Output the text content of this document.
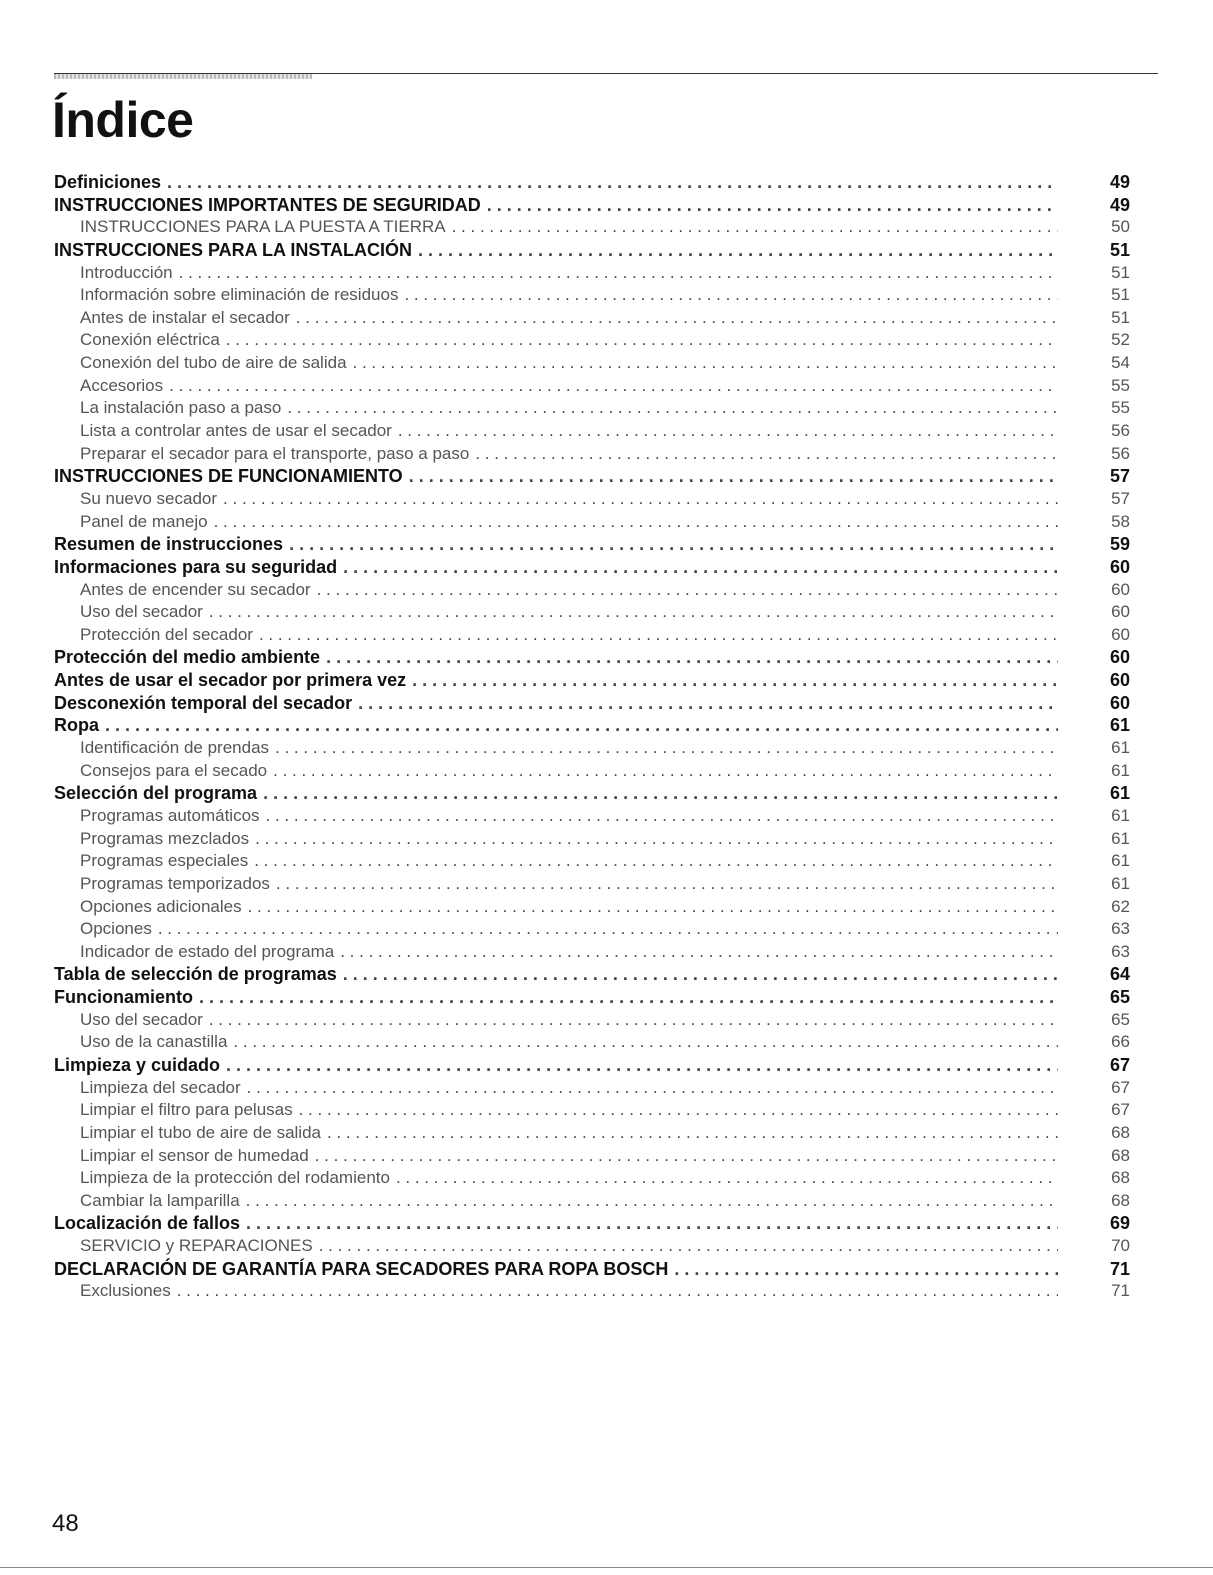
Índice
Definiciones . . .	49
INSTRUCCIONES IMPORTANTES DE SEGURIDAD . . .	49
INSTRUCCIONES PARA LA PUESTA A TIERRA . . .	50
INSTRUCCIONES PARA LA INSTALACIÓN . . .	51
Introducción . . .	51
Información sobre eliminación de residuos . . .	51
Antes de instalar el secador . . .	51
Conexión eléctrica . . .	52
Conexión del tubo de aire de salida . . .	54
Accesorios . . .	55
La instalación paso a paso . . .	55
Lista a controlar antes de usar el secador . . .	56
Preparar el secador para el transporte, paso a paso . . .	56
INSTRUCCIONES DE FUNCIONAMIENTO . . .	57
Su nuevo secador . . .	57
Panel de manejo . . .	58
Resumen de instrucciones . . .	59
Informaciones para su seguridad . . .	60
Antes de encender su secador . . .	60
Uso del secador . . .	60
Protección del secador . . .	60
Protección del medio ambiente . . .	60
Antes de usar el secador por primera vez . . .	60
Desconexión temporal del secador . . .	60
Ropa . . .	61
Identificación de prendas . . .	61
Consejos para el secado . . .	61
Selección del programa . . .	61
Programas automáticos . . .	61
Programas mezclados . . .	61
Programas especiales . . .	61
Programas temporizados . . .	61
Opciones adicionales . . .	62
Opciones . . .	63
Indicador de estado del programa . . .	63
Tabla de selección de programas . . .	64
Funcionamiento . . .	65
Uso del secador . . .	65
Uso de la canastilla . . .	66
Limpieza y cuidado . . .	67
Limpieza del secador . . .	67
Limpiar el filtro para pelusas . . .	67
Limpiar el tubo de aire de salida . . .	68
Limpiar el sensor de humedad . . .	68
Limpieza de la protección del rodamiento . . .	68
Cambiar la lamparilla . . .	68
Localización de fallos . . .	69
SERVICIO y REPARACIONES . . .	70
DECLARACIÓN DE GARANTÍA PARA SECADORES PARA ROPA BOSCH . . .	71
Exclusiones . . .	71
48
